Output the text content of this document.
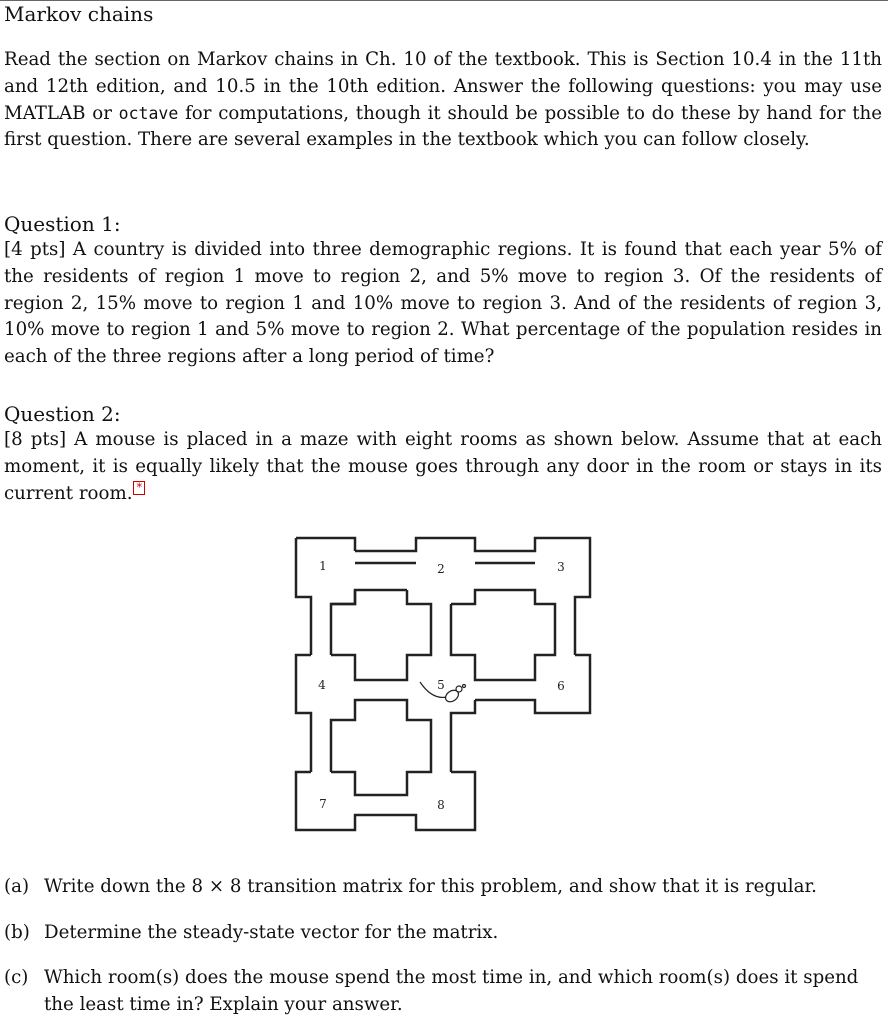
Markov chains
Read the section on Markov chains in Ch. 10 of the textbook. This is Section 10.4 in the 11th and 12th edition, and 10.5 in the 10th edition. Answer the following questions: you may use MATLAB or octave for computations, though it should be possible to do these by hand for the first question. There are several examples in the textbook which you can follow closely.
Question 1:
[4 pts] A country is divided into three demographic regions. It is found that each year 5% of the residents of region 1 move to region 2, and 5% move to region 3. Of the residents of region 2, 15% move to region 1 and 10% move to region 3. And of the residents of region 3, 10% move to region 1 and 5% move to region 2. What percentage of the population resides in each of the three regions after a long period of time?
Question 2:
[8 pts] A mouse is placed in a maze with eight rooms as shown below. Assume that at each moment, it is equally likely that the mouse goes through any door in the room or stays in its current room. *
1	2	3
4	5	6
7	8
(a) Write down the 8 × 8 transition matrix for this problem, and show that it is regular.
(b) Determine the steady-state vector for the matrix.
(c) Which room(s) does the mouse spend the most time in, and which room(s) does it spend the least time in? Explain your answer.
